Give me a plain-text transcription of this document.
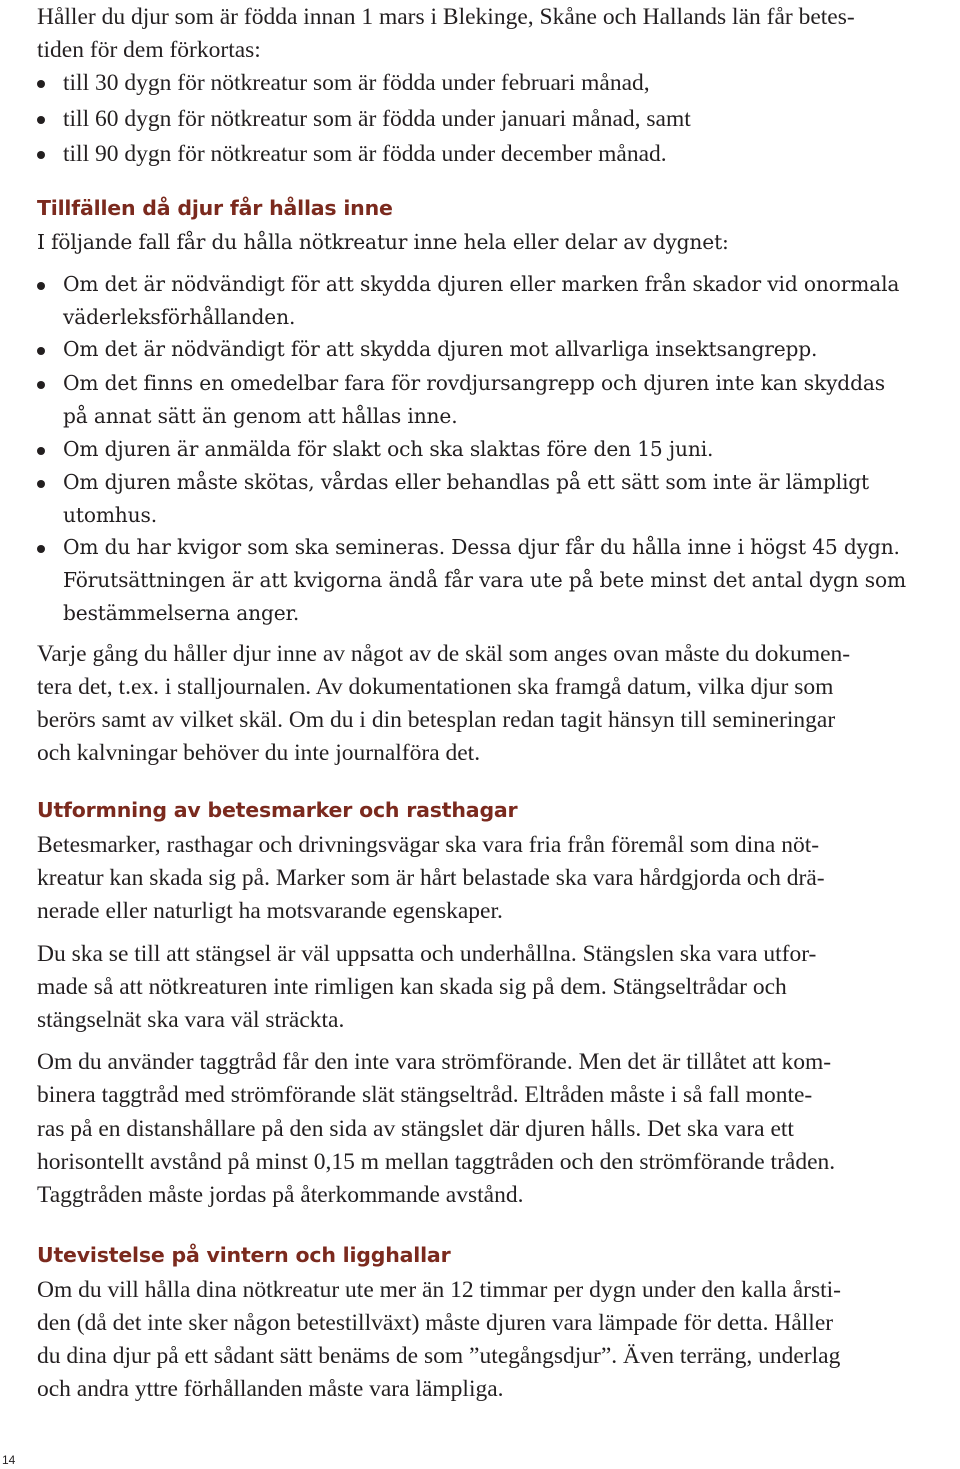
Håller du djur som är födda innan 1 mars i Blekinge, Skåne och Hallands län får betes-
tiden för dem förkortas:
till 30 dygn för nötkreatur som är födda under februari månad,
till 60 dygn för nötkreatur som är födda under januari månad, samt
till 90 dygn för nötkreatur som är födda under december månad.
Tillfällen då djur får hållas inne
I följande fall får du hålla nötkreatur inne hela eller delar av dygnet:
Om det är nödvändigt för att skydda djuren eller marken från skador vid onormala
väderleksförhållanden.
Om det är nödvändigt för att skydda djuren mot allvarliga insektsangrepp.
Om det finns en omedelbar fara för rovdjursangrepp och djuren inte kan skyddas
på annat sätt än genom att hållas inne.
Om djuren är anmälda för slakt och ska slaktas före den 15 juni.
Om djuren måste skötas, vårdas eller behandlas på ett sätt som inte är lämpligt
utomhus.
Om du har kvigor som ska semineras. Dessa djur får du hålla inne i högst 45 dygn.
Förutsättningen är att kvigorna ändå får vara ute på bete minst det antal dygn som
bestämmelserna anger.
Varje gång du håller djur inne av något av de skäl som anges ovan måste du dokumen-
tera det, t.ex. i stalljournalen. Av dokumentationen ska framgå datum, vilka djur som
berörs samt av vilket skäl. Om du i din betesplan redan tagit hänsyn till semineringar
och kalvningar behöver du inte journalföra det.
Utformning av betesmarker och rasthagar
Betesmarker, rasthagar och drivningsvägar ska vara fria från föremål som dina nöt-
kreatur kan skada sig på. Marker som är hårt belastade ska vara hårdgjorda och drä-
nerade eller naturligt ha motsvarande egenskaper.
Du ska se till att stängsel är väl uppsatta och underhållna. Stängslen ska vara utfor-
made så att nötkreaturen inte rimligen kan skada sig på dem. Stängseltrådar och
stängselnät ska vara väl sträckta.
Om du använder taggtråd får den inte vara strömförande. Men det är tillåtet att kom-
binera taggtråd med strömförande slät stängseltråd. Eltråden måste i så fall monte-
ras på en distanshållare på den sida av stängslet där djuren hålls. Det ska vara ett
horisontellt avstånd på minst 0,15 m mellan taggtråden och den strömförande tråden.
Taggtråden måste jordas på återkommande avstånd.
Utevistelse på vintern och ligghallar
Om du vill hålla dina nötkreatur ute mer än 12 timmar per dygn under den kalla årsti-
den (då det inte sker någon betestillväxt) måste djuren vara lämpade för detta. Håller
du dina djur på ett sådant sätt benäms de som ”utegångsdjur”. Även terräng, underlag
och andra yttre förhållanden måste vara lämpliga.
14
